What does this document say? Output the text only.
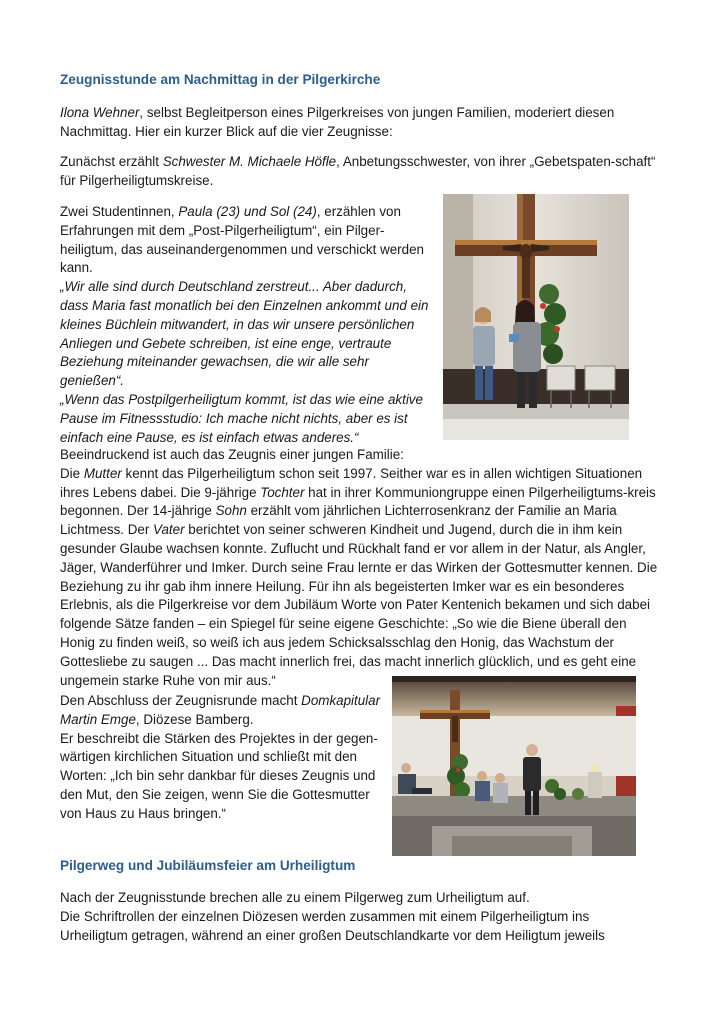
Zeugnisstunde am Nachmittag in der Pilgerkirche
Ilona Wehner, selbst Begleitperson eines Pilgerkreises von jungen Familien, moderiert diesen Nachmittag. Hier ein kurzer Blick auf die vier Zeugnisse:
Zunächst erzählt Schwester M. Michaele Höfle, Anbetungsschwester, von ihrer „Gebetspaten-schaft“ für Pilgerheiligtumskreise.
Zwei Studentinnen, Paula (23) und Sol (24), erzählen von Erfahrungen mit dem „Post-Pilgerheiligtum“, ein Pilger-heiligtum, das auseinandergenommen und verschickt werden kann.
„Wir alle sind durch Deutschland zerstreut... Aber dadurch, dass Maria fast monatlich bei den Einzelnen ankommt und ein kleines Büchlein mitwandert, in das wir unsere persönlichen Anliegen und Gebete schreiben, ist eine enge, vertraute Beziehung miteinander gewachsen, die wir alle sehr genießen“.
„Wenn das Postpilgerheiligtum kommt, ist das wie eine aktive Pause im Fitnessstudio: Ich mache nicht nichts, aber es ist einfach eine Pause, es ist einfach etwas anderes.“
Beeindruckend ist auch das Zeugnis einer jungen Familie:
Die Mutter kennt das Pilgerheiligtum schon seit 1997. Seither war es in allen wichtigen Situationen ihres Lebens dabei. Die 9-jährige Tochter hat in ihrer Kommuniongruppe einen Pilgerheiligtums-kreis begonnen. Der 14-jährige Sohn erzählt vom jährlichen Lichterrosenkranz der Familie an Maria Lichtmess. Der Vater berichtet von seiner schweren Kindheit und Jugend, durch die in ihm kein gesunder Glaube wachsen konnte. Zuflucht und Rückhalt fand er vor allem in der Natur, als Angler, Jäger, Wanderführer und Imker. Durch seine Frau lernte er das Wirken der Gottesmutter kennen. Die Beziehung zu ihr gab ihm innere Heilung. Für ihn als begeisterten Imker war es ein besonderes Erlebnis, als die Pilgerkreise vor dem Jubiläum Worte von Pater Kentenich bekamen und sich dabei folgende Sätze fanden – ein Spiegel für seine eigene Geschichte: „So wie die Biene überall den Honig zu finden weiß, so weiß ich aus jedem Schicksalsschlag den Honig, das Wachstum der Gottesliebe zu saugen ... Das macht innerlich frei, das macht innerlich glücklich, und es geht eine ungemein starke Ruhe von mir aus.“
Den Abschluss der Zeugnisrunde macht Domkapitular Martin Emge, Diözese Bamberg.
Er beschreibt die Stärken des Projektes in der gegen-wärtigen kirchlichen Situation und schließt mit den Worten: „Ich bin sehr dankbar für dieses Zeugnis und den Mut, den Sie zeigen, wenn Sie die Gottesmutter von Haus zu Haus bringen.“
Pilgerweg und Jubiläumsfeier am Urheiligtum
Nach der Zeugnisstunde brechen alle zu einem Pilgerweg zum Urheiligtum auf.
Die Schriftrollen der einzelnen Diözesen werden zusammen mit einem Pilgerheiligtum ins Urheiligtum getragen, während an einer großen Deutschlandkarte vor dem Heiligtum jeweils
